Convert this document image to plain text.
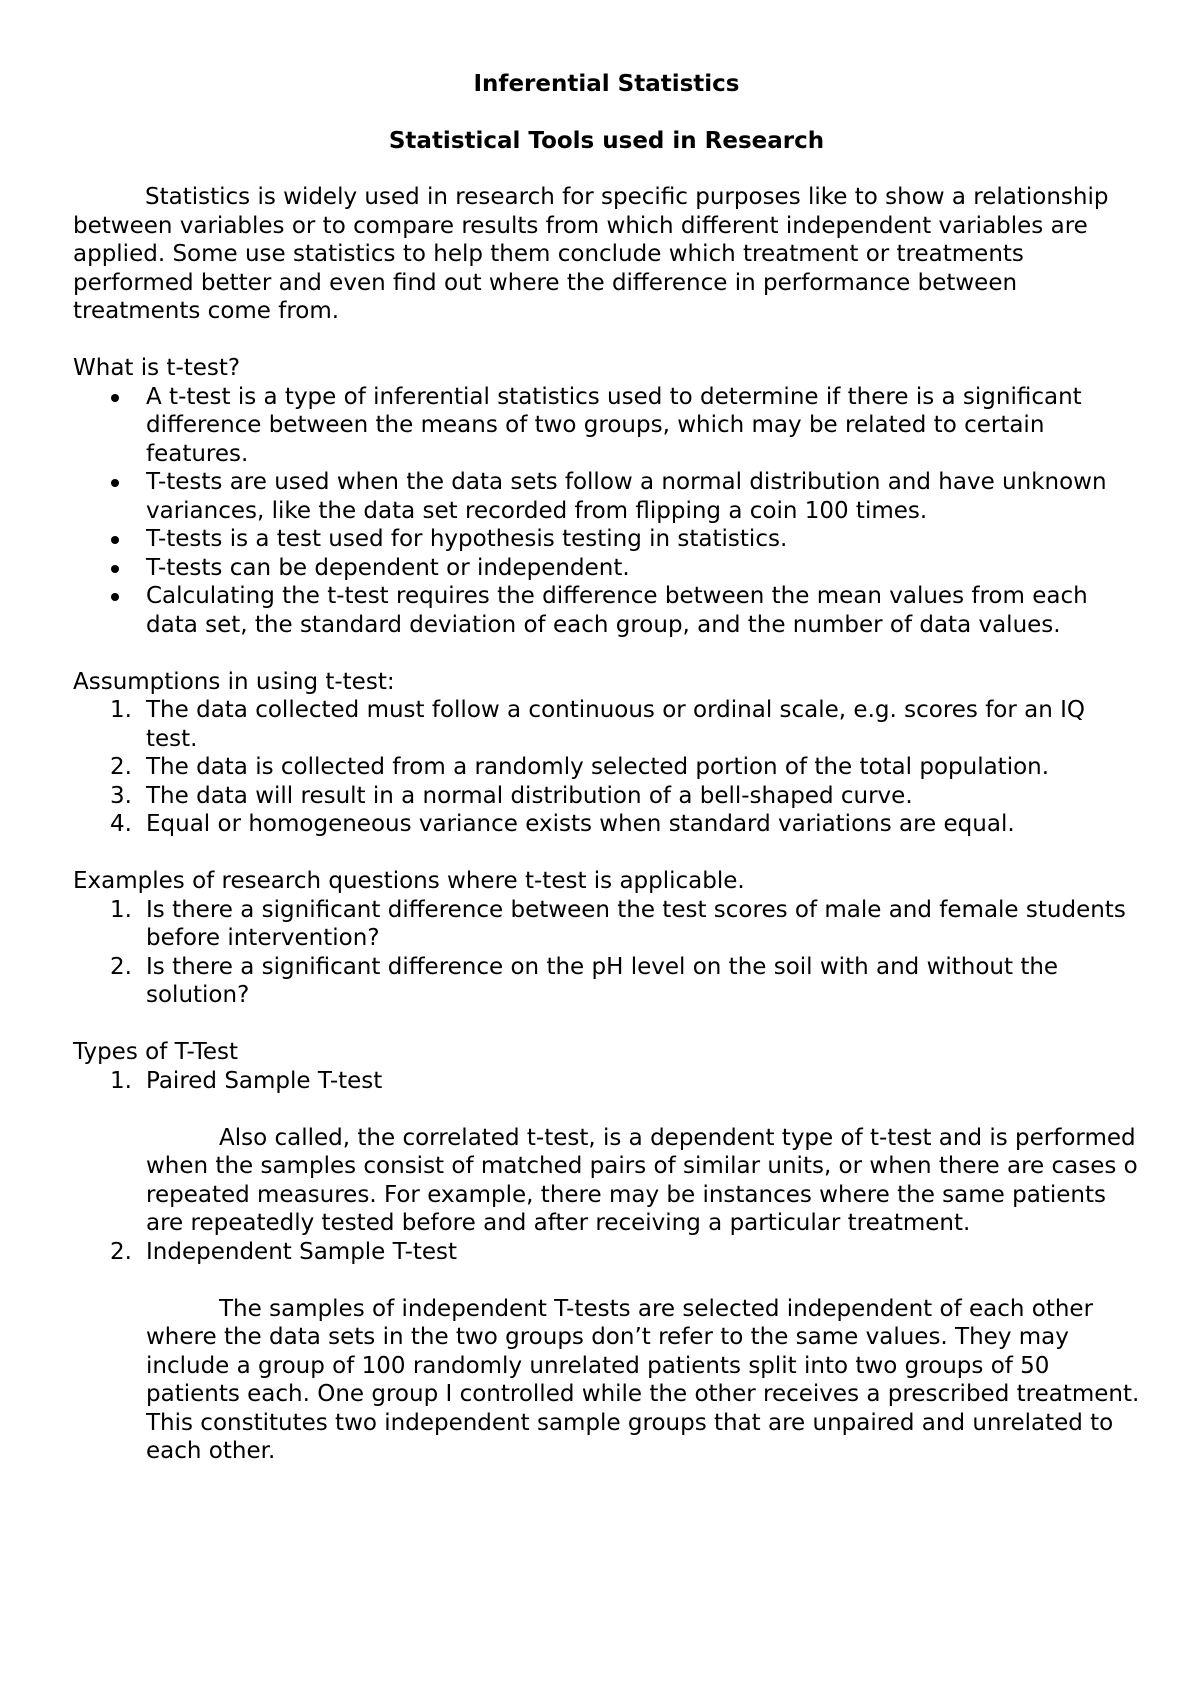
Inferential Statistics

Statistical Tools used in Research

Statistics is widely used in research for specific purposes like to show a relationship between variables or to compare results from which different independent variables are applied. Some use statistics to help them conclude which treatment or treatments performed better and even find out where the difference in performance between treatments come from.

What is t-test?

A t-test is a type of inferential statistics used to determine if there is a significant difference between the means of two groups, which may be related to certain features.
T-tests are used when the data sets follow a normal distribution and have unknown variances, like the data set recorded from flipping a coin 100 times.
T-tests is a test used for hypothesis testing in statistics.
T-tests can be dependent or independent.
Calculating the t-test requires the difference between the mean values from each data set, the standard deviation of each group, and the number of data values.

Assumptions in using t-test:

1. The data collected must follow a continuous or ordinal scale, e.g. scores for an IQ test.
2. The data is collected from a randomly selected portion of the total population.
3. The data will result in a normal distribution of a bell-shaped curve.
4. Equal or homogeneous variance exists when standard variations are equal.

Examples of research questions where t-test is applicable.

1. Is there a significant difference between the test scores of male and female students before intervention?
2. Is there a significant difference on the pH level on the soil with and without the solution?

Types of T-Test

1. Paired Sample T-test

Also called, the correlated t-test, is a dependent type of t-test and is performed when the samples consist of matched pairs of similar units, or when there are cases o repeated measures. For example, there may be instances where the same patients are repeatedly tested before and after receiving a particular treatment.

2. Independent Sample T-test

The samples of independent T-tests are selected independent of each other where the data sets in the two groups don’t refer to the same values. They may include a group of 100 randomly unrelated patients split into two groups of 50 patients each. One group I controlled while the other receives a prescribed treatment. This constitutes two independent sample groups that are unpaired and unrelated to each other.
